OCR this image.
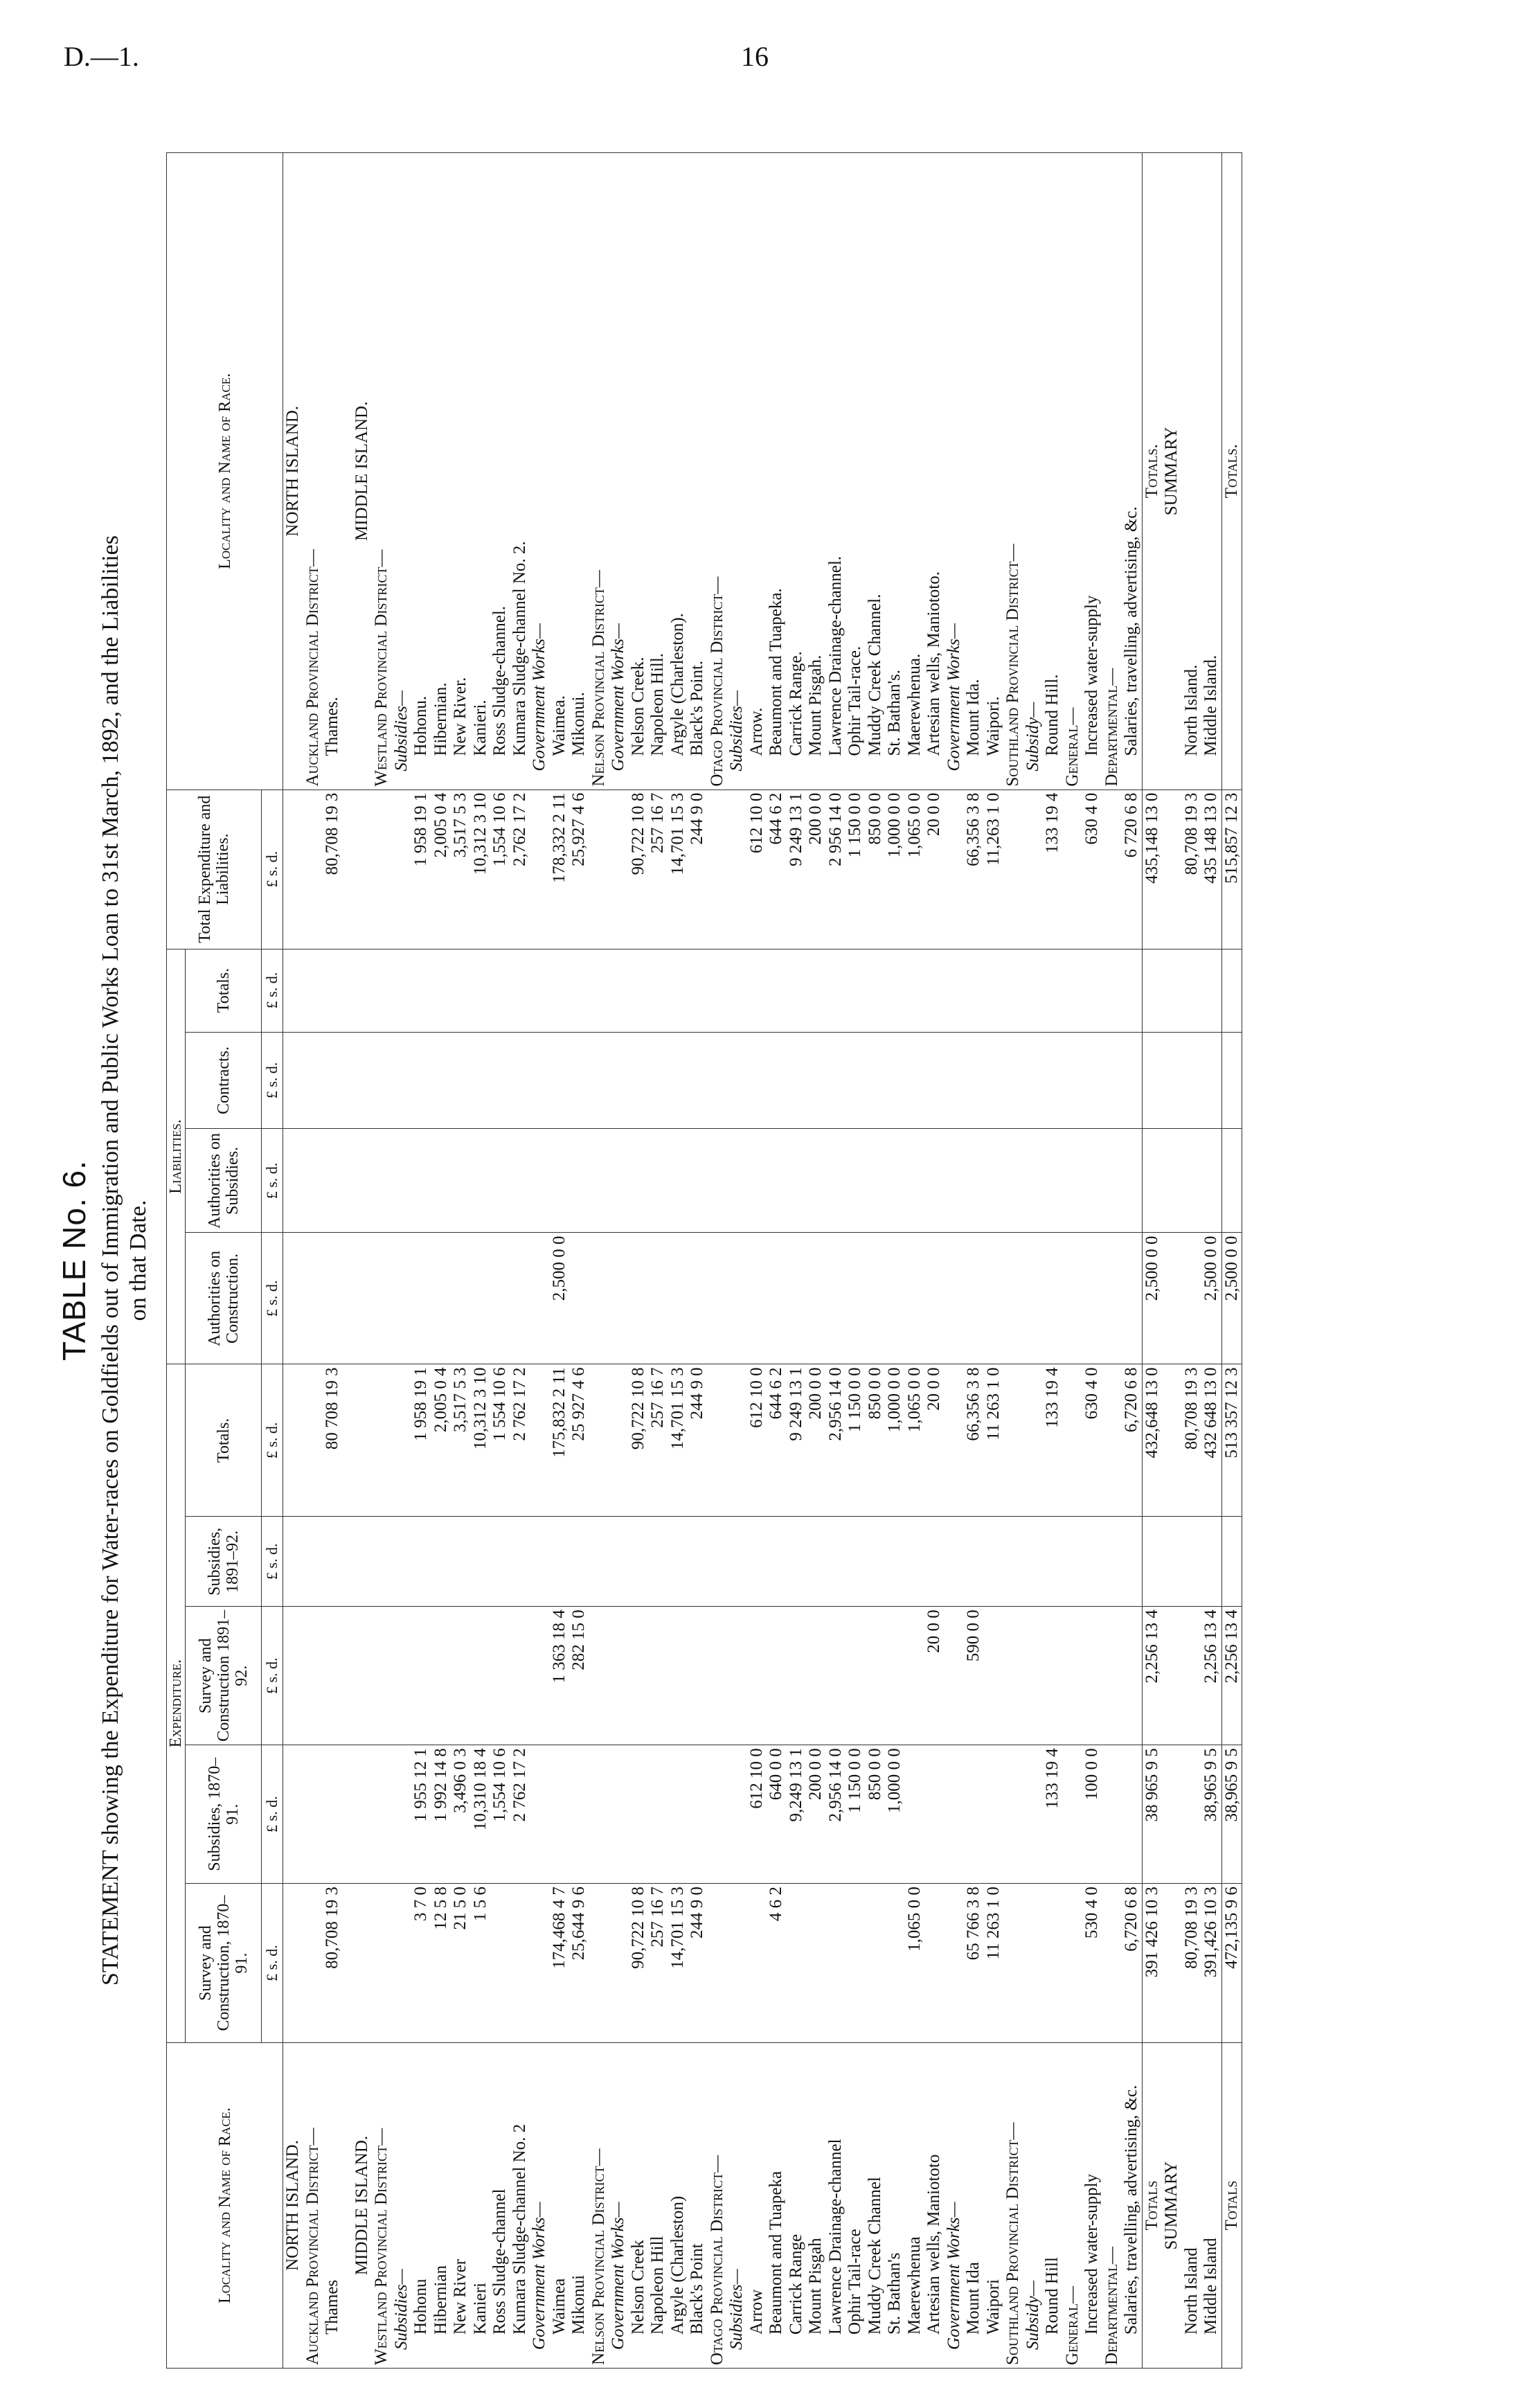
D.—1.	16
TABLE No. 6. STATEMENT showing the Expenditure for Water-races on Goldfields out of Immigration and Public Works Loan to 31st March, 1892, and the Liabilities on that Date.
Locality and Name of Race.	Expenditure.					Liabilities.				Total Expenditure and Liabilities.	Locality and Name of Race.
	Survey and Construction, 1870–91.	Subsidies, 1870–91.	Survey and Construction 1891–92.	Subsidies, 1891–92.	Totals.	Authorities on Construction.	Authorities on Subsidies.	Contracts.	Totals.		
	£ s. d.	£ s. d.	£ s. d.	£ s. d.	£ s. d.	£ s. d.	£ s. d.	£ s. d.	£ s. d.	£ s. d.	
NORTH ISLAND.											NORTH ISLAND.
Auckland Provincial District—											Auckland Provincial District—
Thames	80,708 19 3				80 708 19 3					80,708 19 3	Thames.

MIDDLE ISLAND.											MIDDLE ISLAND.
Westland Provincial District—											Westland Provincial District—
Subsidies—											Subsidies—
Hohonu	3 7 0	1 955 12 1			1 958 19 1					1 958 19 1	Hohonu.
Hibernian	12 5 8	1 992 14 8			2,005 0 4					2,005 0 4	Hibernian.
New River	21 5 0	3,496 0 3			3,517 5 3					3,517 5 3	New River.
Kanieri	1 5 6	10,310 18 4			10,312 3 10					10,312 3 10	Kanieri.
Ross Sludge-channel		1,554 10 6			1 554 10 6					1,554 10 6	Ross Sludge-channel.
Kumara Sludge-channel No. 2		2 762 17 2			2 762 17 2					2,762 17 2	Kumara Sludge-channel No. 2.
Government Works—											Government Works—
Waimea	174,468 4 7		1 363 18 4		175,832 2 11	2,500 0 0				178,332 2 11	Waimea.
Mikonui	25,644 9 6		282 15 0		25 927 4 6					25,927 4 6	Mikonui.
Nelson Provincial District—											Nelson Provincial District—
Government Works—											Government Works—
Nelson Creek	90,722 10 8				90,722 10 8					90,722 10 8	Nelson Creek.
Napoleon Hill	257 16 7				257 16 7					257 16 7	Napoleon Hill.
Argyle (Charleston)	14,701 15 3				14,701 15 3					14,701 15 3	Argyle (Charleston).
Black's Point	244 9 0				244 9 0					244 9 0	Black's Point.
Otago Provincial District—											Otago Provincial District—
Subsidies—											Subsidies—
Arrow		612 10 0			612 10 0					612 10 0	Arrow.
Beaumont and Tuapeka	4 6 2	640 0 0			644 6 2					644 6 2	Beaumont and Tuapeka.
Carrick Range		9,249 13 1			9 249 13 1					9 249 13 1	Carrick Range.
Mount Pisgah		200 0 0			200 0 0					200 0 0	Mount Pisgah.
Lawrence Drainage-channel		2,956 14 0			2,956 14 0					2 956 14 0	Lawrence Drainage-channel.
Ophir Tail-race		1 150 0 0			1 150 0 0					1 150 0 0	Ophir Tail-race.
Muddy Creek Channel		850 0 0			850 0 0					850 0 0	Muddy Creek Channel.
St. Bathan's		1,000 0 0			1,000 0 0					1,000 0 0	St. Bathan's.
Maerewhenua	1,065 0 0				1,065 0 0					1,065 0 0	Maerewhenua.
Artesian wells, Maniototo			20 0 0		20 0 0					20 0 0	Artesian wells, Maniototo.
Government Works—											Government Works—
Mount Ida	65 766 3 8		590 0 0		66,356 3 8					66,356 3 8	Mount Ida.
Waipori	11 263 1 0				11 263 1 0					11,263 1 0	Waipori.
Southland Provincial District—											Southland Provincial District—
Subsidy—											Subsidy—
Round Hill		133 19 4			133 19 4					133 19 4	Round Hill.
General—											General—
Increased water-supply	530 4 0	100 0 0			630 4 0					630 4 0	Increased water-supply
Departmental—											Departmental—
Salaries, travelling, advertising, &c.	6,720 6 8				6,720 6 8					6 720 6 8	Salaries, travelling, advertising, &c.
Totals	391 426 10 3	38 965 9 5	2,256 13 4		432,648 13 0	2,500 0 0				435,148 13 0	Totals.
SUMMARY											SUMMARY
North Island	80,708 19 3				80,708 19 3					80,708 19 3	North Island.
Middle Island	391,426 10 3	38,965 9 5	2,256 13 4		432 648 13 0	2,500 0 0				435 148 13 0	Middle Island.
Totals	472,135 9 6	38,965 9 5	2,256 13 4		513 357 12 3	2,500 0 0				515,857 12 3	Totals.
